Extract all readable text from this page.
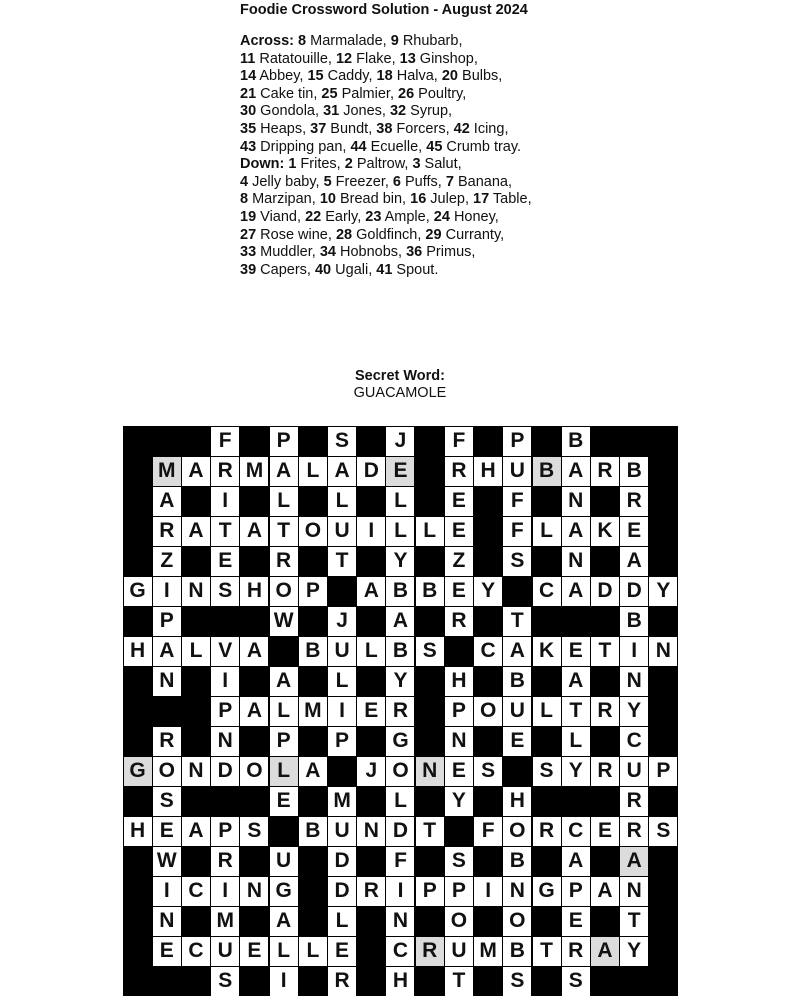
Foodie Crossword Solution - August 2024
Across: 8 Marmalade, 9 Rhubarb,
11 Ratatouille, 12 Flake, 13 Ginshop,
14 Abbey, 15 Caddy, 18 Halva, 20 Bulbs,
21 Cake tin, 25 Palmier, 26 Poultry,
30 Gondola, 31 Jones, 32 Syrup,
35 Heaps, 37 Bundt, 38 Forcers, 42 Icing,
43 Dripping pan, 44 Ecuelle, 45 Crumb tray.
Down: 1 Frites, 2 Paltrow, 3 Salut,
4 Jelly baby, 5 Freezer, 6 Puffs, 7 Banana,
8 Marzipan, 10 Bread bin, 16 Julep, 17 Table,
19 Viand, 22 Early, 23 Ample, 24 Honey,
27 Rose wine, 28 Goldfinch, 29 Curranty,
33 Muddler, 34 Hobnobs, 36 Primus,
39 Capers, 40 Ugali, 41 Spout.
Secret Word:
GUACAMOLE
F	P	S	J	F	P	B
M A R M A L A D E	R H U B A R B
A	I	L	L	L	E	F	N	R
R A T A T O U I L L E	F L A K E
Z	E	R	T	Y	Z	S	N	A
G I N S H O P	A B B E Y	C A D D Y
P	W	J	A	R	T	B
H A L V A	B U L B S	C A K E T I N
N	I	A	L	Y	H	B	A	N
P A L M I E R	P O U L T R Y
R	N	P	P	G	N	E	L	C
G O N D O L A	J O N E S	S Y R U P
S	E	M	L	Y	H	R
H E A P S	B U N D T	F O R C E R S
W	R	U	D	F	S	B	A	A
I C I N G	D R I P P I N G P A N
N	M	A	L	N	O O	E	T
E C U E L L E	C R U M B T R A Y
S	I	R	H	T	S	S
